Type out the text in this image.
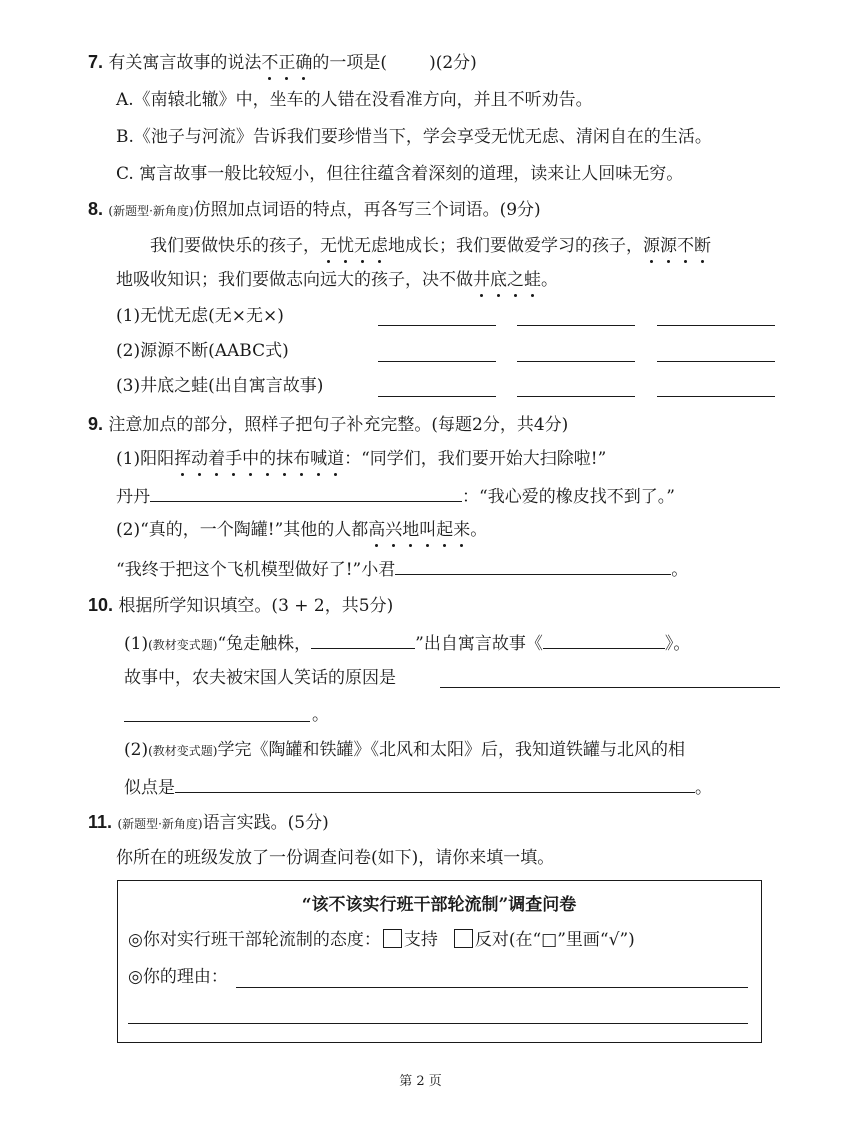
7. 有关寓言故事的说法不正确的一项是( )(2分)
A.《南辕北辙》中，坐车的人错在没看准方向，并且不听劝告。
B.《池子与河流》告诉我们要珍惜当下，学会享受无忧无虑、清闲自在的生活。
C. 寓言故事一般比较短小，但往往蕴含着深刻的道理，读来让人回味无穷。
8. (新题型·新角度)仿照加点词语的特点，再各写三个词语。(9分)
我们要做快乐的孩子，无忧无虑地成长；我们要做爱学习的孩子，源源不断
地吸收知识；我们要做志向远大的孩子，决不做井底之蛙。
(1)无忧无虑(无×无×)
(2)源源不断(AABC式)
(3)井底之蛙(出自寓言故事)
9. 注意加点的部分，照样子把句子补充完整。(每题2分，共4分)
(1)阳阳挥动着手中的抹布喊道：“同学们，我们要开始大扫除啦!”
丹丹	：“我心爱的橡皮找不到了。”
(2)“真的，一个陶罐!”其他的人都高兴地叫起来。
“我终于把这个飞机模型做好了!”小君	。
10. 根据所学知识填空。(3 + 2，共5分)
(1)(教材变式题)“兔走触株，	”出自寓言故事《	》。
故事中，农夫被宋国人笑话的原因是
。
(2)(教材变式题)学完《陶罐和铁罐》《北风和太阳》后，我知道铁罐与北风的相
似点是	。
11. (新题型·新角度)语言实践。(5分)
你所在的班级发放了一份调查问卷(如下)，请你来填一填。
“该不该实行班干部轮流制”调查问卷
◎你对实行班干部轮流制的态度： 支持 反对(在“□”里画“√”)
◎你的理由：
第 2 页
